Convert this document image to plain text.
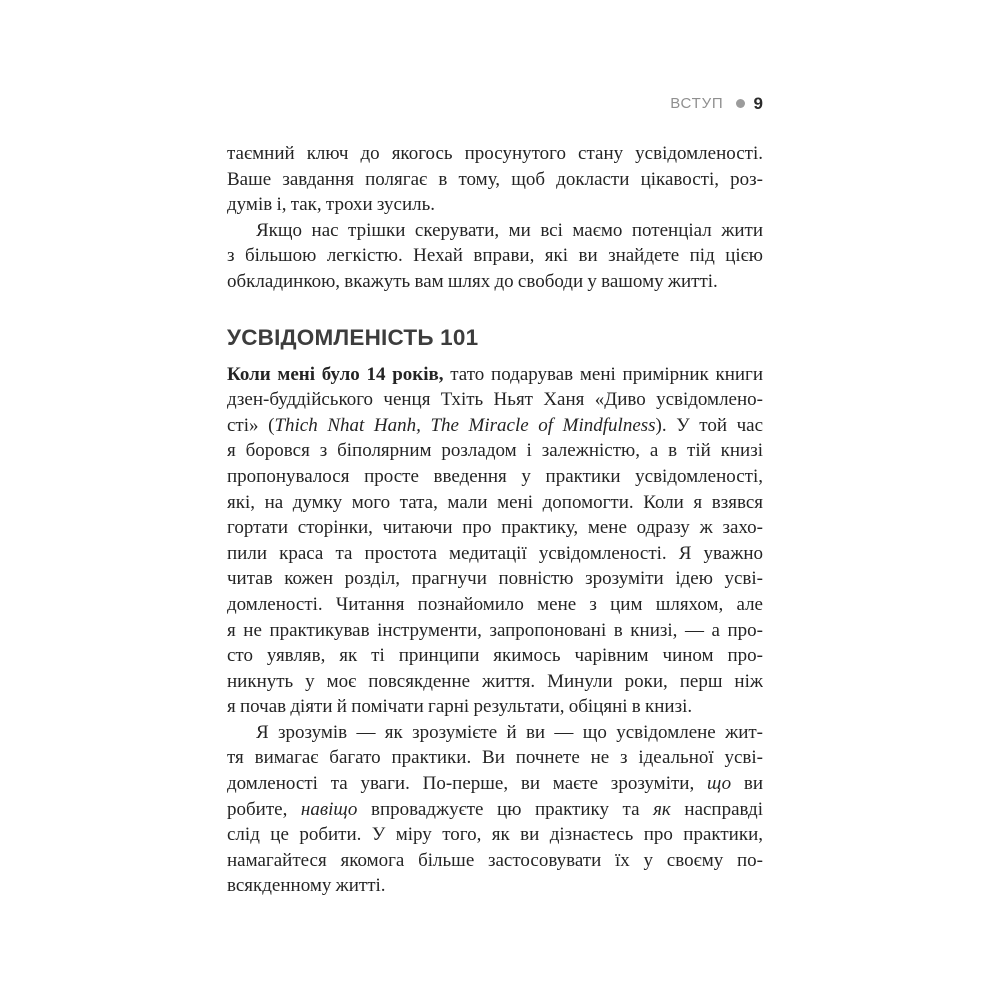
ВСТУП 9
таємний ключ до якогось просунутого стану усвідомленості.
Ваше завдання полягає в тому, щоб докласти цікавості, роз-
думів і, так, трохи зусиль.
Якщо нас трішки скерувати, ми всі маємо потенціал жити
з більшою легкістю. Нехай вправи, які ви знайдете під цією
обкладинкою, вкажуть вам шлях до свободи у вашому житті.
УСВІДОМЛЕНІСТЬ 101
Коли мені було 14 років, тато подарував мені примірник книги
дзен-буддійського ченця Тхіть Ньят Ханя «Диво усвідомлено-
сті» (Thich Nhat Hanh, The Miracle of Mindfulness). У той час
я боровся з біполярним розладом і залежністю, а в тій книзі
пропонувалося просте введення у практики усвідомленості,
які, на думку мого тата, мали мені допомогти. Коли я взявся
гортати сторінки, читаючи про практику, мене одразу ж захо-
пили краса та простота медитації усвідомленості. Я уважно
читав кожен розділ, прагнучи повністю зрозуміти ідею усві-
домленості. Читання познайомило мене з цим шляхом, але
я не практикував інструменти, запропоновані в книзі, — а про-
сто уявляв, як ті принципи якимось чарівним чином про-
никнуть у моє повсякденне життя. Минули роки, перш ніж
я почав діяти й помічати гарні результати, обіцяні в книзі.
Я зрозумів — як зрозумієте й ви — що усвідомлене жит-
тя вимагає багато практики. Ви почнете не з ідеальної усві-
домленості та уваги. По-перше, ви маєте зрозуміти, що ви
робите, навіщо впроваджуєте цю практику та як насправді
слід це робити. У міру того, як ви дізнаєтесь про практики,
намагайтеся якомога більше застосовувати їх у своєму по-
всякденному житті.
